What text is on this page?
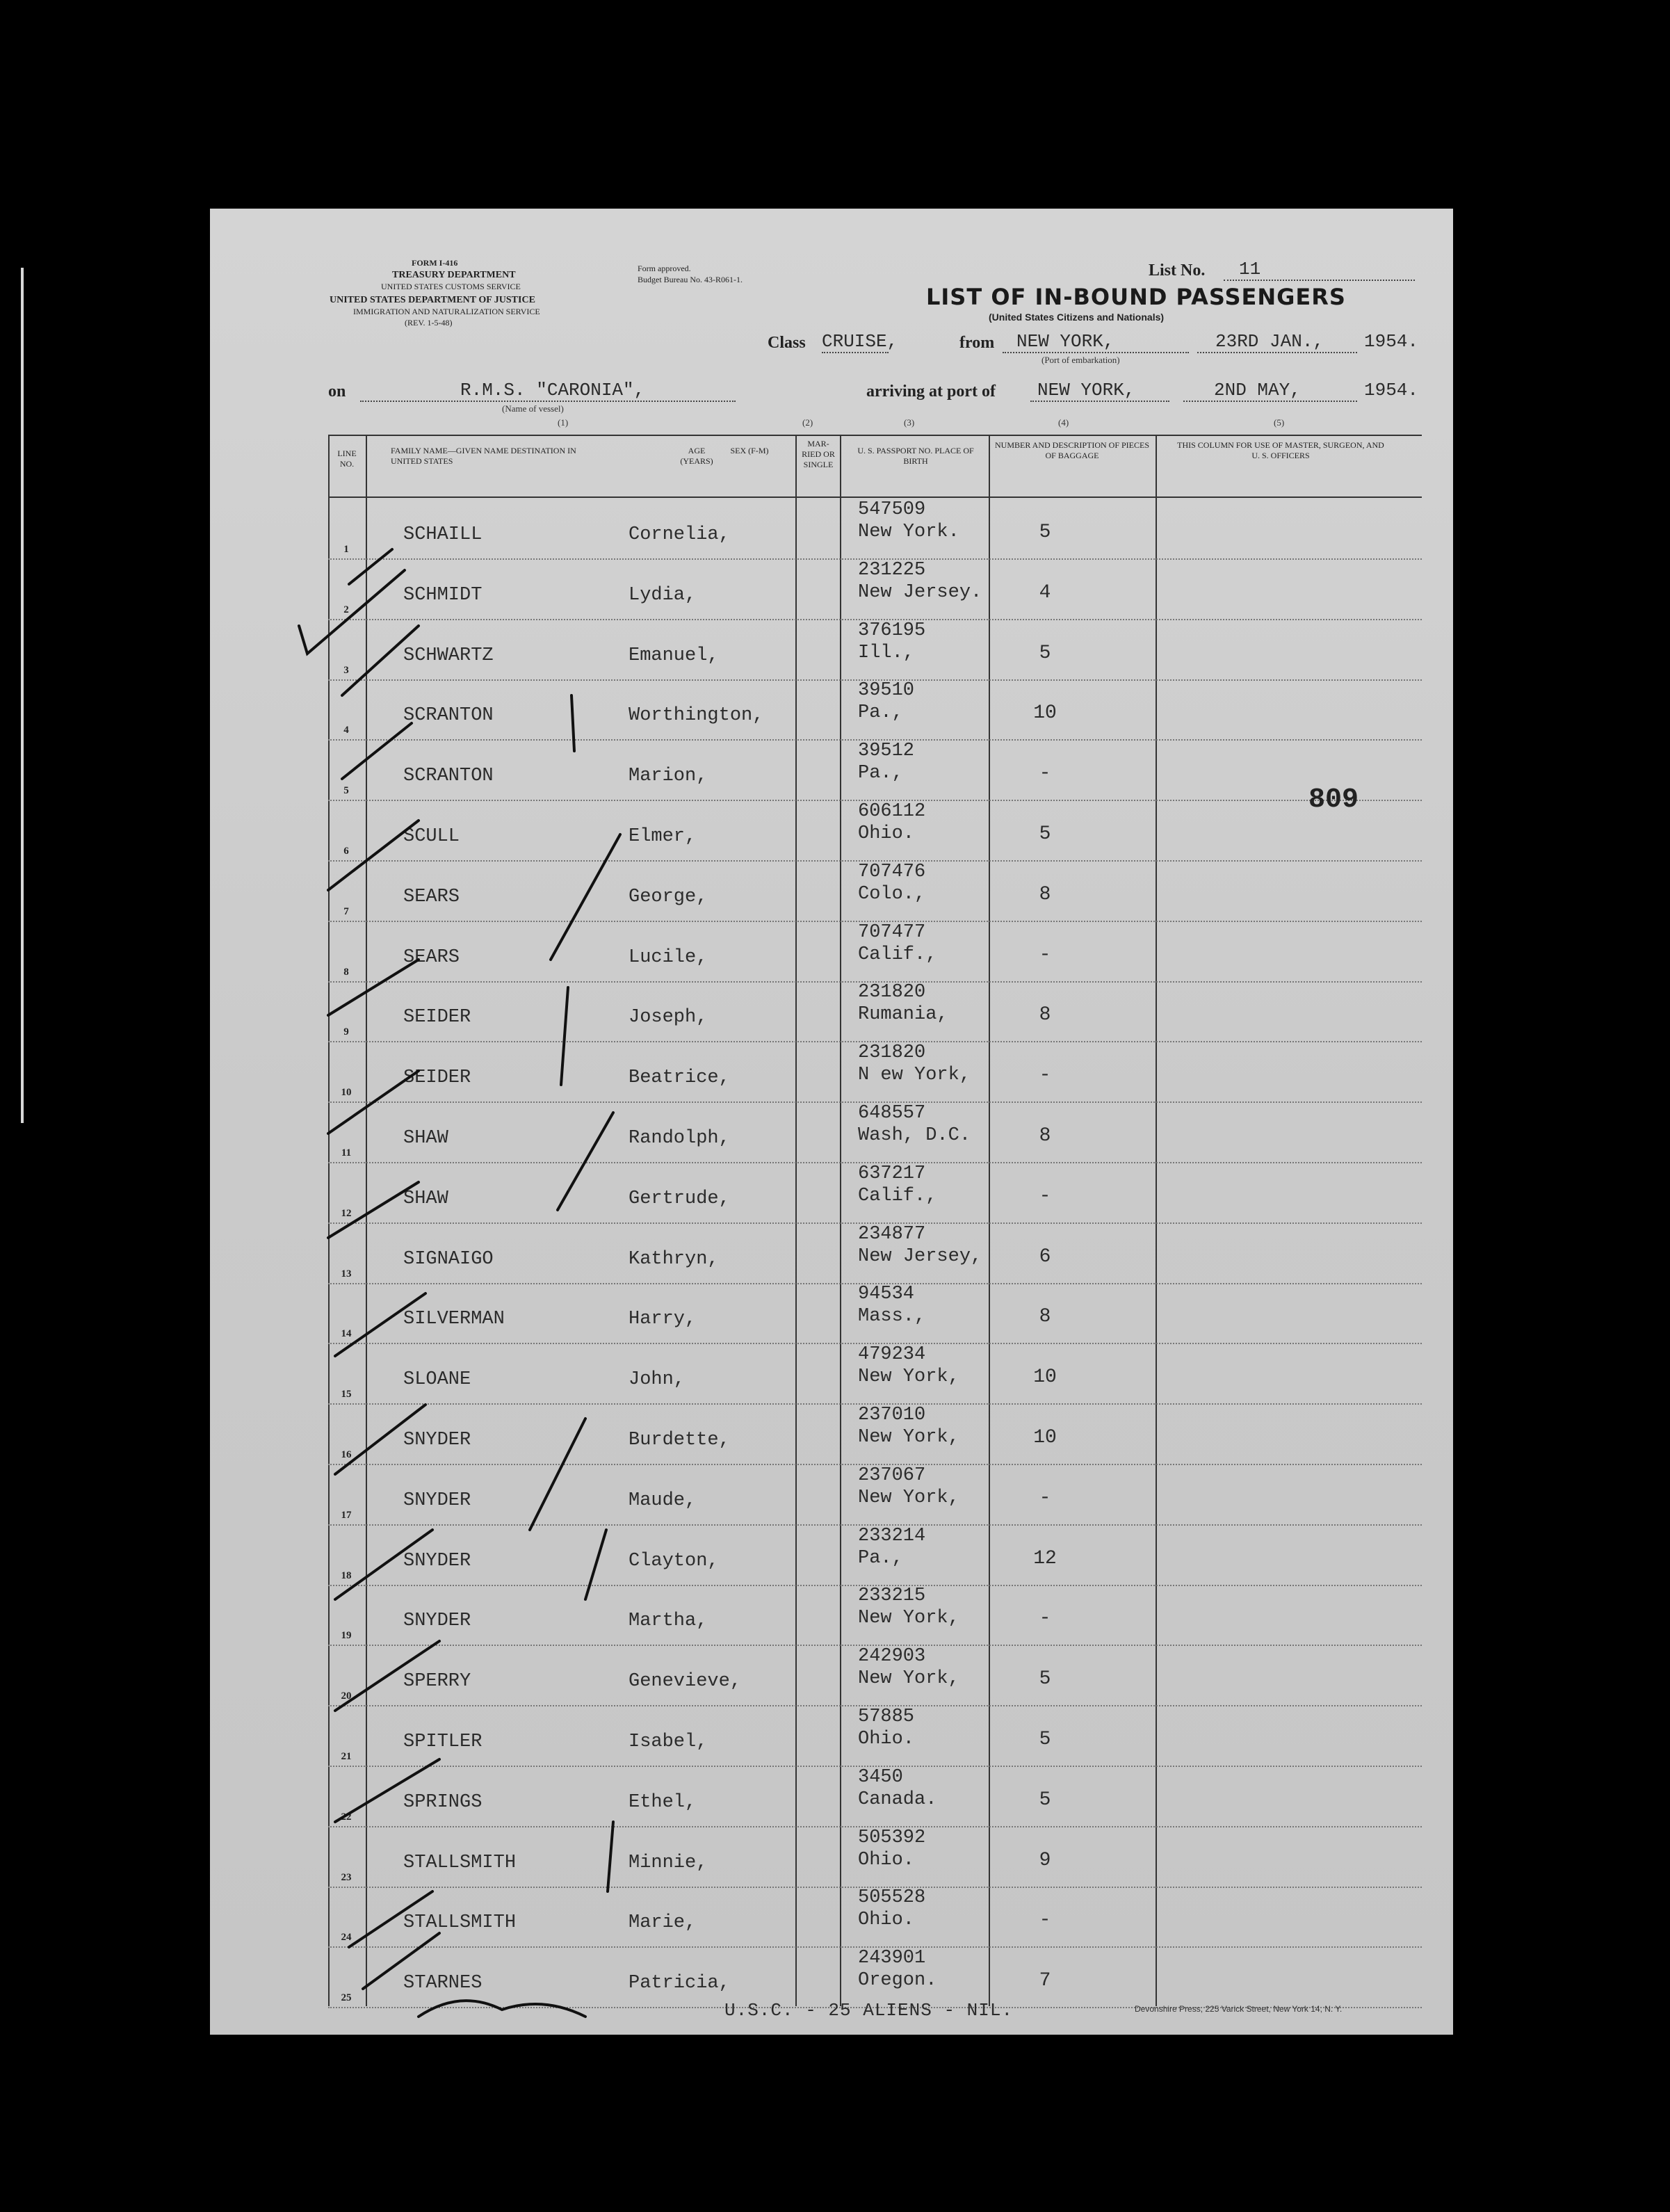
FORM I-416
TREASURY DEPARTMENT
UNITED STATES CUSTOMS SERVICE
UNITED STATES DEPARTMENT OF JUSTICE
IMMIGRATION AND NATURALIZATION SERVICE
(REV. 1-5-48)
Form approved.
Budget Bureau No. 43-R061-1.	List No. 11
LIST OF IN-BOUND PASSENGERS
(United States Citizens and Nationals)
Class CRUISE,	from NEW YORK,
(Port of embarkation)
23RD JAN., 1954.
on	R.M.S. "CARONIA",
(Name of vessel)
arriving at port of NEW YORK,	2ND MAY,	1954.
(1)	(2)	(3)	(4)	(5)
LINE NO.
FAMILY NAME—GIVEN NAME DESTINATION IN UNITED STATES
AGE (YEARS)
SEX (F-M)
MAR-RIED OR SINGLE
U. S. PASSPORT NO. PLACE OF BIRTH
NUMBER AND DESCRIPTION OF PIECES OF BAGGAGE
THIS COLUMN FOR USE OF MASTER, SURGEON, AND U. S. OFFICERS
1
SCHAILL	Cornelia,
547509
New York.	5
2
SCHMIDT	Lydia,
231225
New Jersey.	4
3
SCHWARTZ	Emanuel,
376195
Ill.,	5
4
SCRANTON	Worthington,
39510
Pa.,	10
5
SCRANTON	Marion,
39512
Pa.,	-
6
SCULL	Elmer,
606112
Ohio.	5
7
SEARS	George,
707476
Colo.,	8
8
SEARS	Lucile,
707477
Calif.,	-
9
SEIDER	Joseph,
231820
Rumania,	8
10
SEIDER	Beatrice,
231820
N ew York,	-
11
SHAW	Randolph,
648557
Wash, D.C.	8
12
SHAW	Gertrude,
637217
Calif.,	-
13
SIGNAIGO	Kathryn,
234877
New Jersey,	6
14
SILVERMAN	Harry,
94534
Mass.,	8
15
SLOANE	John,
479234
New York,	10
16
SNYDER	Burdette,
237010
New York,	10
17
SNYDER	Maude,
237067
New York,	-
18
SNYDER	Clayton,
233214
Pa.,	12
19
SNYDER	Martha,
233215
New York,	-
20
SPERRY	Genevieve,
242903
New York,	5
21
SPITLER	Isabel,
57885
Ohio.	5
22
SPRINGS	Ethel,
3450
Canada.	5
23
STALLSMITH	Minnie,
505392
Ohio.	9
24
STALLSMITH	Marie,
505528
Ohio.	-
25
STARNES	Patricia,
243901
Oregon.	7
809
U.S.C. - 25 ALIENS - NIL.	Devonshire Press, 225 Varick Street, New York 14, N. Y.
